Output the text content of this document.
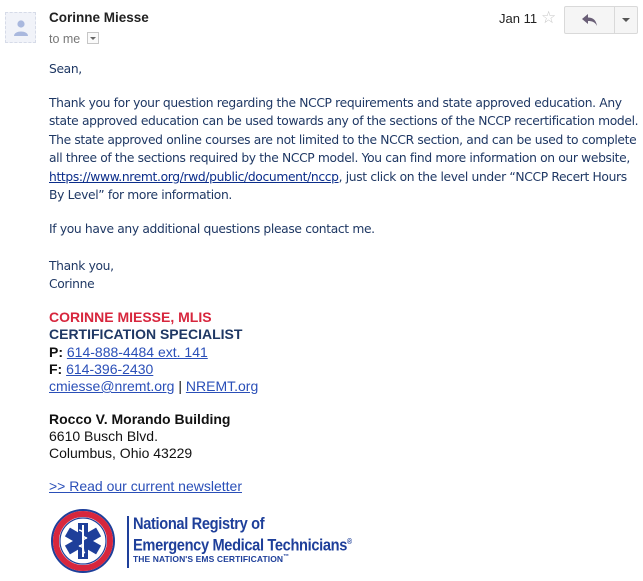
Corinne Miesse
to me
Jan 11 ☆

Sean,

Thank you for your question regarding the NCCP requirements and state approved education. Any state approved education can be used towards any of the sections of the NCCP recertification model. The state approved online courses are not limited to the NCCR section, and can be used to complete all three of the sections required by the NCCP model. You can find more information on our website, https://www.nremt.org/rwd/public/document/nccp, just click on the level under “NCCP Recert Hours By Level” for more information.

If you have any additional questions please contact me.

Thank you,

Corinne

CORINNE MIESSE, MLIS

CERTIFICATION SPECIALIST

P: 614-888-4484 ext. 141

F: 614-396-2430

cmiesse@nremt.org | NREMT.org

Rocco V. Morando Building

6610 Busch Blvd.

Columbus, Ohio 43229

>> Read our current newsletter

National Registry of
Emergency Medical Technicians®
THE NATION'S EMS CERTIFICATION™
